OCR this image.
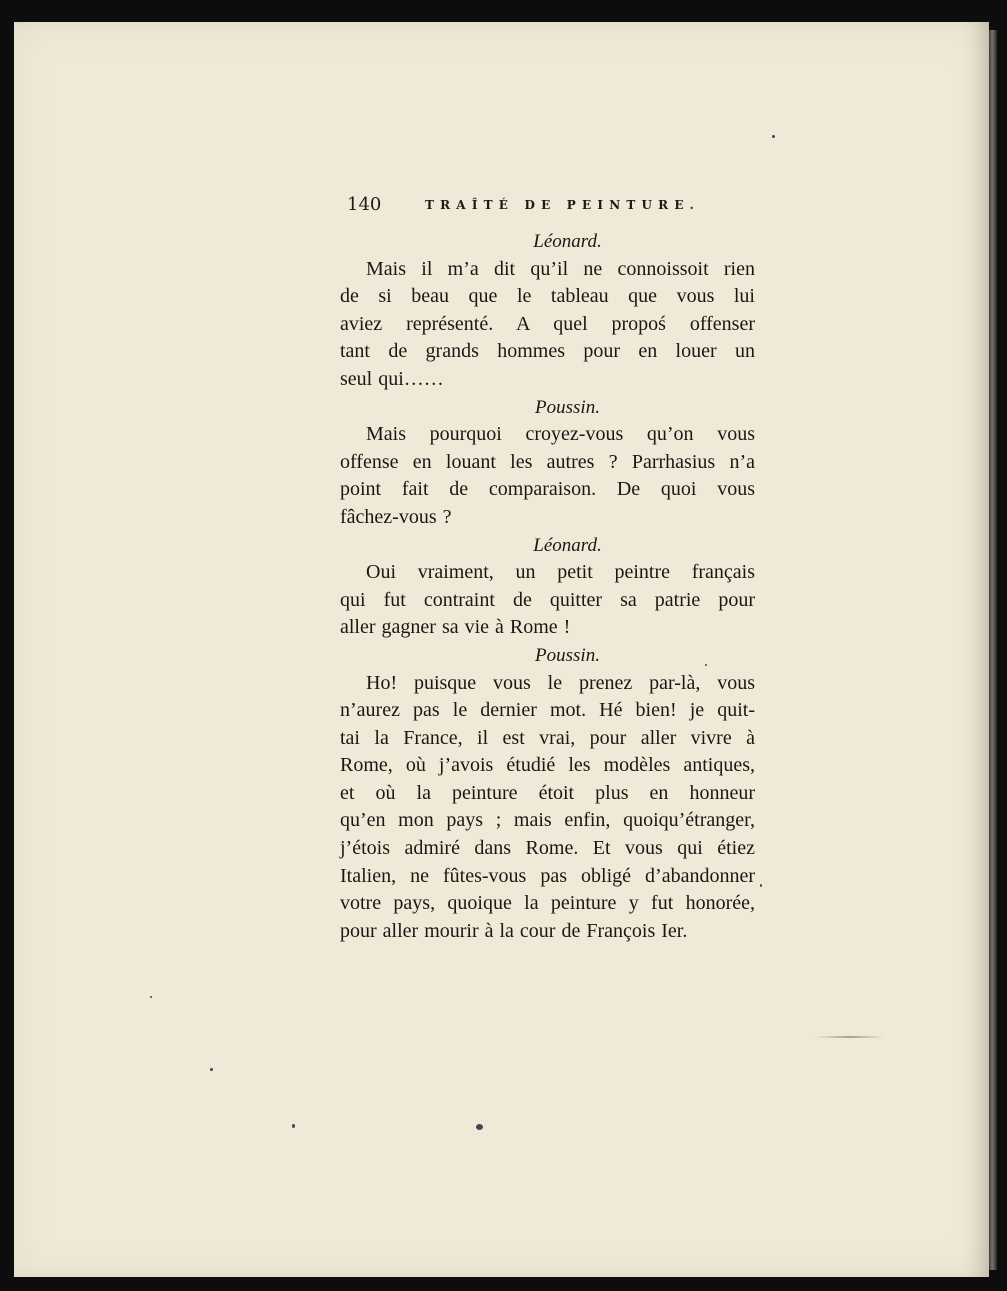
140	TRAÎTÉ DE PEINTURE.

Léonard.

Mais il m’a dit qu’il ne connoissoit rien
de si beau que le tableau que vous lui
aviez représenté. A quel propoś offenser
tant de grands hommes pour en louer un
seul qui……

Poussin.

Mais pourquoi croyez-vous qu’on vous
offense en louant les autres ? Parrhasius n’a
point fait de comparaison. De quoi vous
fâchez-vous ?

Léonard.

Oui vraiment, un petit peintre français
qui fut contraint de quitter sa patrie pour
aller gagner sa vie à Rome !

Poussin.

Ho! puisque vous le prenez par-là, vous
n’aurez pas le dernier mot. Hé bien! je quit-
tai la France, il est vrai, pour aller vivre à
Rome, où j’avois étudié les modèles antiques,
et où la peinture étoit plus en honneur
qu’en mon pays ; mais enfin, quoiqu’étranger,
j’étois admiré dans Rome. Et vous qui étiez
Italien, ne fûtes-vous pas obligé d’abandonner
votre pays, quoique la peinture y fut honorée,
pour aller mourir à la cour de François Ier.
